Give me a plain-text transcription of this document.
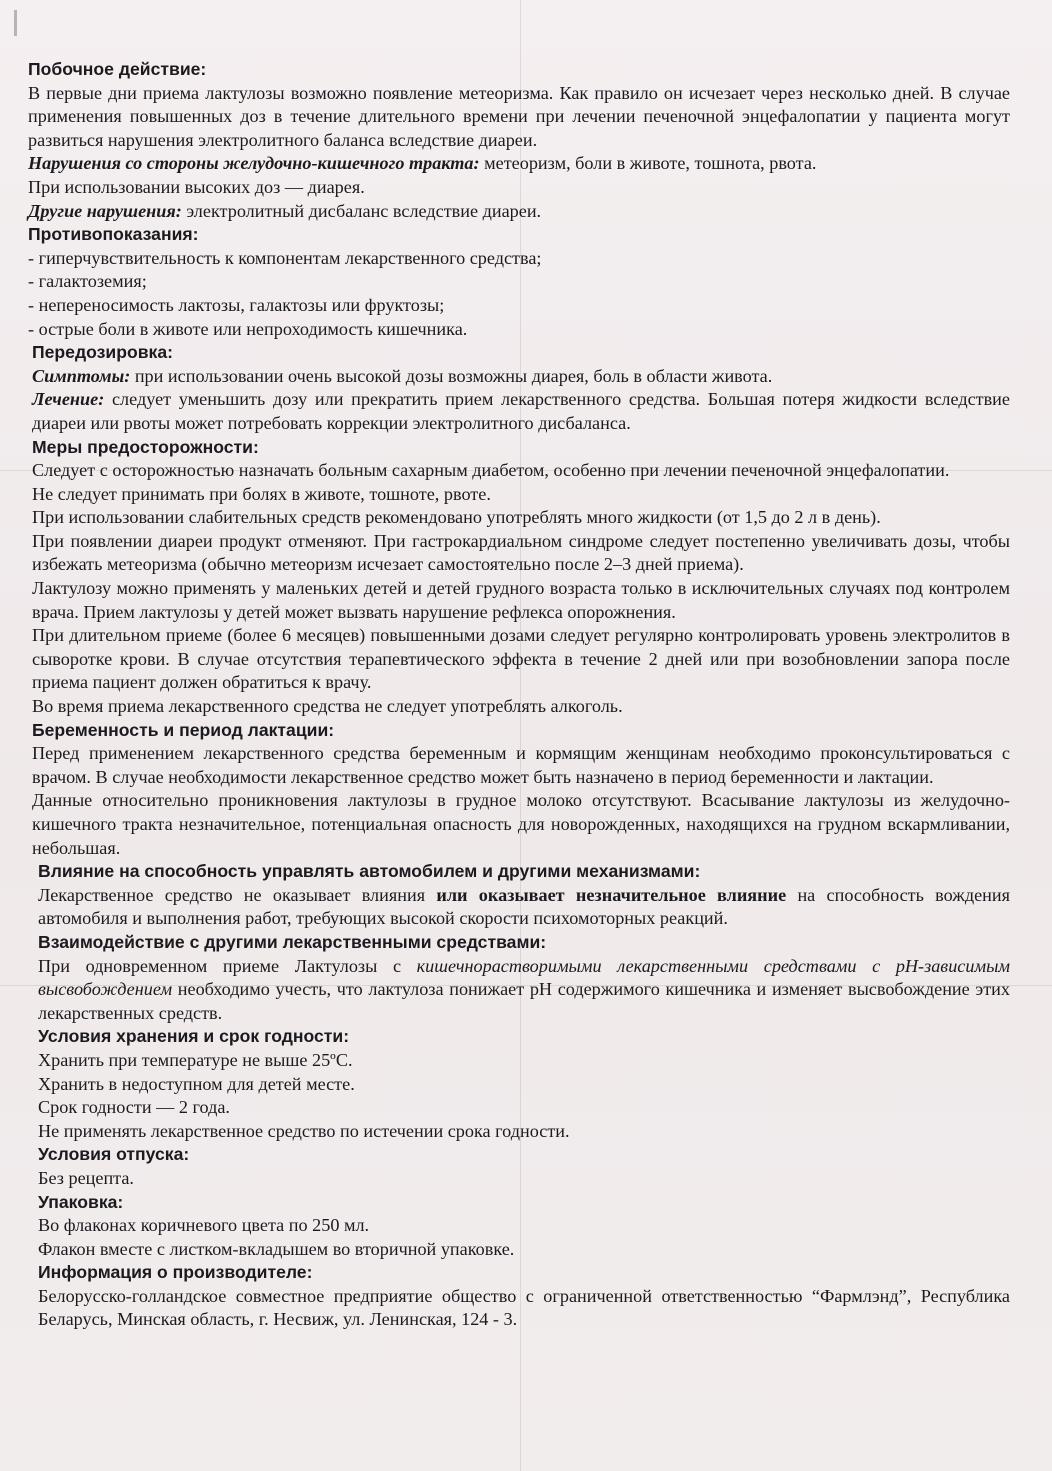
Побочное действие:

В первые дни приема лактулозы возможно появление метеоризма. Как правило он исчезает через несколько дней. В случае применения повышенных доз в течение длительного времени при лечении печеночной энцефалопатии у пациента могут развиться нарушения электролитного баланса вследствие диареи.

Нарушения со стороны желудочно-кишечного тракта: метеоризм, боли в животе, тошнота, рвота.

При использовании высоких доз — диарея.

Другие нарушения: электролитный дисбаланс вследствие диареи.

Противопоказания:

- гиперчувствительность к компонентам лекарственного средства;

- галактоземия;

- непереносимость лактозы, галактозы или фруктозы;

- острые боли в животе или непроходимость кишечника.

Передозировка:

Симптомы: при использовании очень высокой дозы возможны диарея, боль в области живота.

Лечение: следует уменьшить дозу или прекратить прием лекарственного средства. Большая потеря жидкости вследствие диареи или рвоты может потребовать коррекции электролитного дисбаланса.

Меры предосторожности:

Следует с осторожностью назначать больным сахарным диабетом, особенно при лечении печеночной энцефалопатии.

Не следует принимать при болях в животе, тошноте, рвоте.

При использовании слабительных средств рекомендовано употреблять много жидкости (от 1,5 до 2 л в день).

При появлении диареи продукт отменяют. При гастрокардиальном синдроме следует постепенно увеличивать дозы, чтобы избежать метеоризма (обычно метеоризм исчезает самостоятельно после 2–3 дней приема).

Лактулозу можно применять у маленьких детей и детей грудного возраста только в исключительных случаях под контролем врача. Прием лактулозы у детей может вызвать нарушение рефлекса опорожнения.

При длительном приеме (более 6 месяцев) повышенными дозами следует регулярно контролировать уровень электролитов в сыворотке крови. В случае отсутствия терапевтического эффекта в течение 2 дней или при возобновлении запора после приема пациент должен обратиться к врачу.

Во время приема лекарственного средства не следует употреблять алкоголь.

Беременность и период лактации:

Перед применением лекарственного средства беременным и кормящим женщинам необходимо проконсультироваться с врачом. В случае необходимости лекарственное средство может быть назначено в период беременности и лактации.

Данные относительно проникновения лактулозы в грудное молоко отсутствуют. Всасывание лактулозы из желудочно-кишечного тракта незначительное, потенциальная опасность для новорожденных, находящихся на грудном вскармливании, небольшая.

Влияние на способность управлять автомобилем и другими механизмами:

Лекарственное средство не оказывает влияния или оказывает незначительное влияние на способность вождения автомобиля и выполнения работ, требующих высокой скорости психомоторных реакций.

Взаимодействие с другими лекарственными средствами:

При одновременном приеме Лактулозы с кишечнорастворимыми лекарственными средствами с pH-зависимым высвобождением необходимо учесть, что лактулоза понижает pH содержимого кишечника и изменяет высвобождение этих лекарственных средств.

Условия хранения и срок годности:

Хранить при температуре не выше 25ºС.

Хранить в недоступном для детей месте.

Срок годности — 2 года.

Не применять лекарственное средство по истечении срока годности.

Условия отпуска:

Без рецепта.

Упаковка:

Во флаконах коричневого цвета по 250 мл.

Флакон вместе с листком-вкладышем во вторичной упаковке.

Информация о производителе:

Белорусско-голландское совместное предприятие общество с ограниченной ответственностью “Фармлэнд”, Республика Беларусь, Минская область, г. Несвиж, ул. Ленинская, 124 - 3.
